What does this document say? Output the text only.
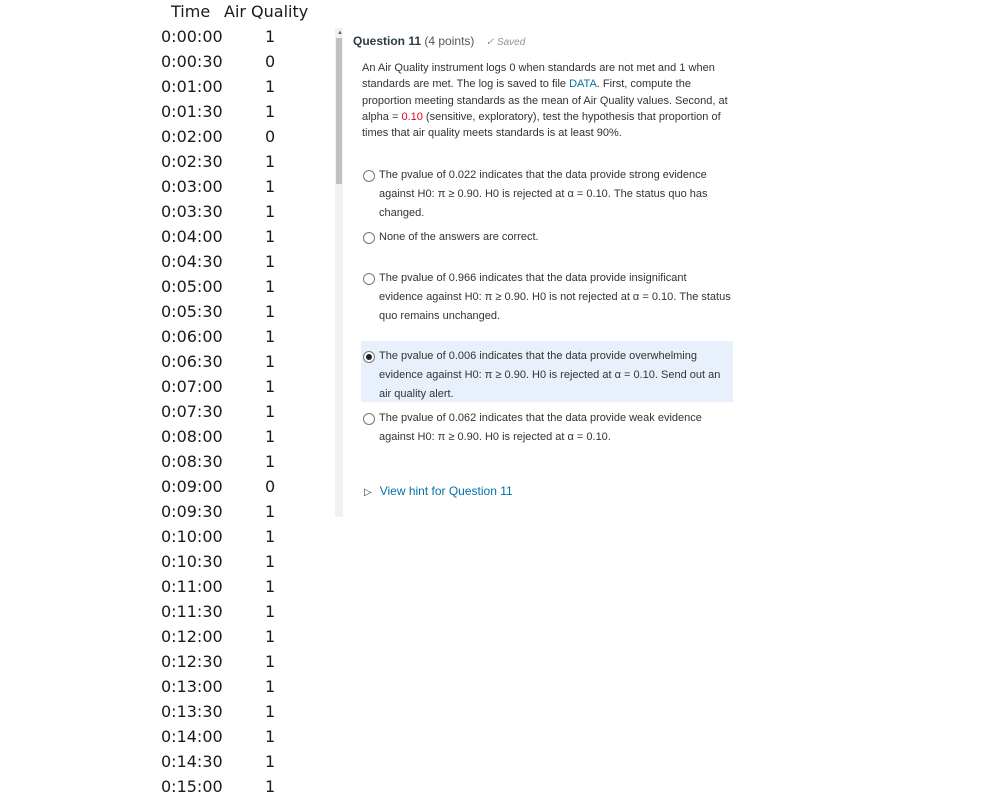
Time Air Quality
0:00:00	1
0:00:30	0
0:01:00	1
0:01:30	1
0:02:00	0
0:02:30	1
0:03:00	1
0:03:30	1
0:04:00	1
0:04:30	1
0:05:00	1
0:05:30	1
0:06:00	1
0:06:30	1
0:07:00	1
0:07:30	1
0:08:00	1
0:08:30	1
0:09:00	0
0:09:30	1
0:10:00	1
0:10:30	1
0:11:00	1
0:11:30	1
0:12:00	1
0:12:30	1
0:13:00	1
0:13:30	1
0:14:00	1
0:14:30	1
0:15:00	1
▲
Question 11 (4 points) ✓ Saved
An Air Quality instrument logs 0 when standards are not met and 1 when standards are met. The log is saved to file DATA. First, compute the proportion meeting standards as the mean of Air Quality values. Second, at alpha = 0.10 (sensitive, exploratory), test the hypothesis that proportion of times that air quality meets standards is at least 90%.
The pvalue of 0.022 indicates that the data provide strong evidence against H0: π ≥ 0.90. H0 is rejected at α = 0.10. The status quo has changed.
None of the answers are correct.
The pvalue of 0.966 indicates that the data provide insignificant evidence against H0: π ≥ 0.90. H0 is not rejected at α = 0.10. The status quo remains unchanged.
The pvalue of 0.006 indicates that the data provide overwhelming evidence against H0: π ≥ 0.90. H0 is rejected at α = 0.10. Send out an air quality alert.
The pvalue of 0.062 indicates that the data provide weak evidence against H0: π ≥ 0.90. H0 is rejected at α = 0.10.
▷ View hint for Question 11
